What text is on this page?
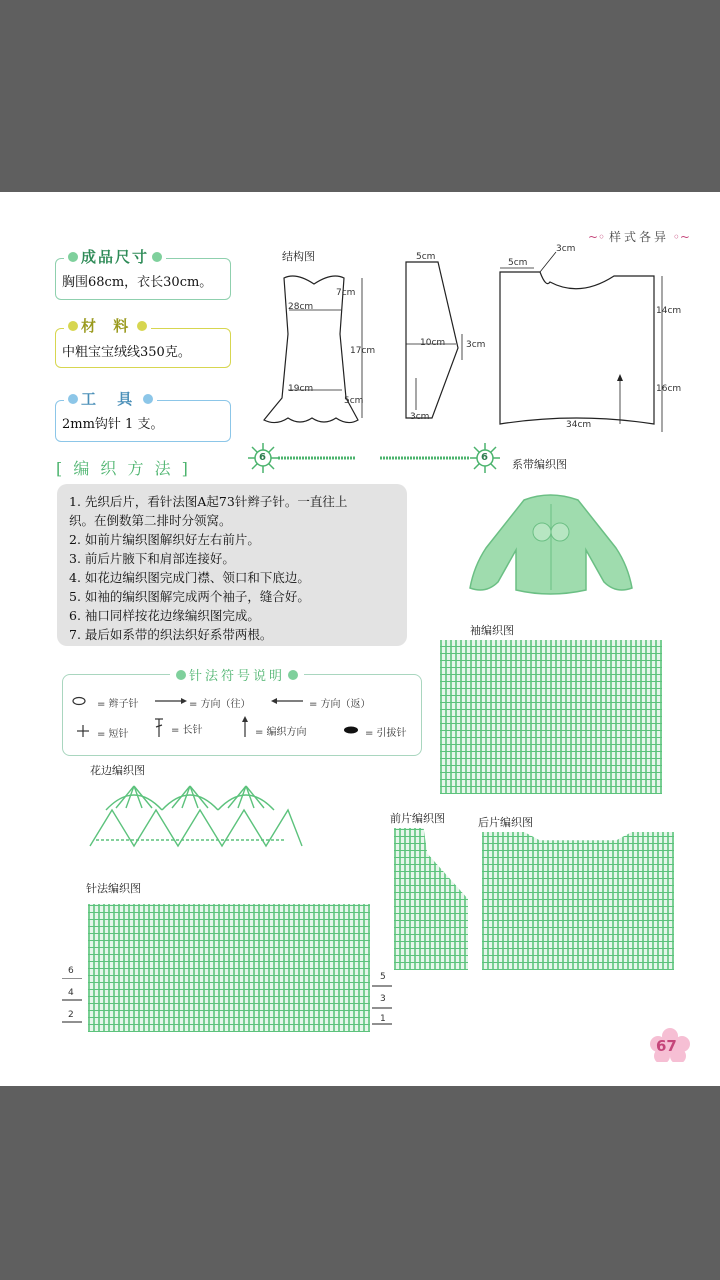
~◦ 样式各异 ◦~
胸围68cm，衣长30cm。
成品尺寸
中粗宝宝绒线350克。
材 料
2mm钩针 1 支。
工 具
[ 编 织 方 法 ]
1. 先织后片，看针法图A起73针辫子针。一直往上
织。在倒数第二排时分领窝。
2. 如前片编织图解织好左右前片。
3. 前后片腋下和肩部连接好。
4. 如花边编织图完成门襟、领口和下底边。
5. 如袖的编织图解完成两个袖子，缝合好。
6. 袖口同样按花边缘编织图完成。
7. 最后如系带的织法织好系带两根。
= 辫子针	= 方向（往）	= 方向（返）
= 短针	= 长针	= 编织方向	= 引拔针
针法符号说明
结构图
28cm
7cm
17cm
19cm
5cm
5cm
10cm 3cm
3cm
5cm
3cm
14cm
16cm
34cm
6	6
系带编织图
袖编织图
花边编织图
针法编织图
6
4
2
5
3
1
前片编织图	后片编织图
67
